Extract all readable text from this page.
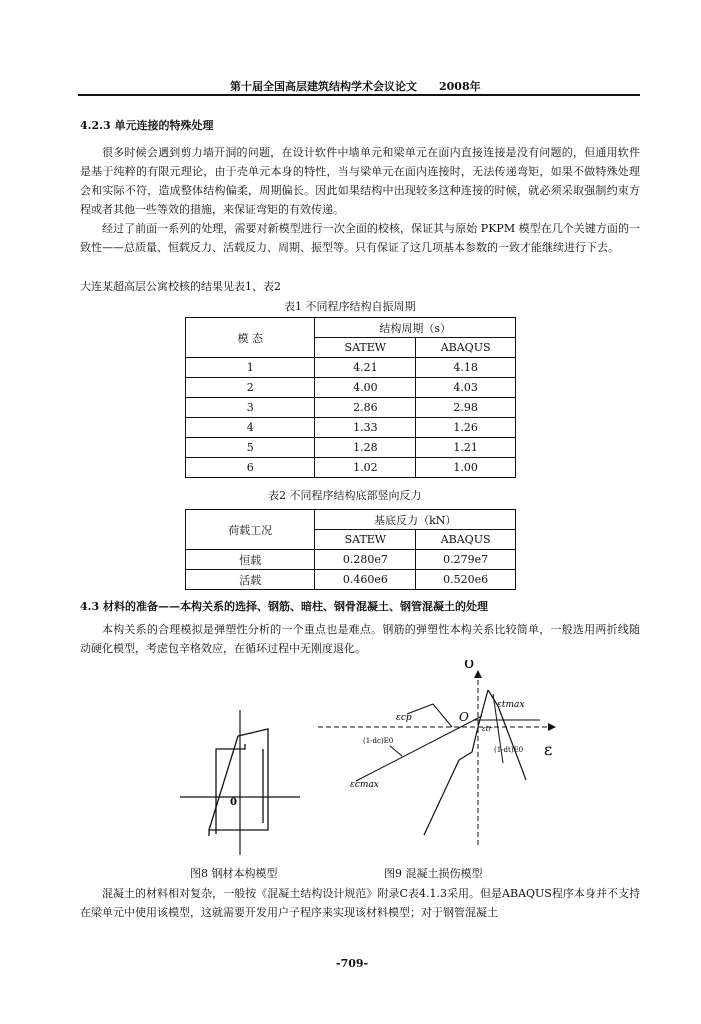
第十届全国高层建筑结构学术会议论文 2008年
4.2.3 单元连接的特殊处理
很多时候会遇到剪力墙开洞的问题，在设计软件中墙单元和梁单元在面内直接连接是没有问题的，但通用软件是基于纯粹的有限元理论，由于壳单元本身的特性，当与梁单元在面内连接时，无法传递弯矩，如果不做特殊处理会和实际不符，造成整体结构偏柔，周期偏长。因此如果结构中出现较多这种连接的时候，就必须采取强制约束方程或者其他一些等效的措施，来保证弯矩的有效传递。
经过了前面一系列的处理，需要对新模型进行一次全面的校核，保证其与原始 PKPM 模型在几个关键方面的一致性——总质量、恒载反力、活载反力、周期、振型等。只有保证了这几项基本参数的一致才能继续进行下去。
大连某超高层公寓校核的结果见表1、表2
表1 不同程序结构自振周期
模 态	结构周期（s）	
	SATEW	ABAQUS
1	4.21	4.18
2	4.00	4.03
3	2.86	2.98
4	1.33	1.26
5	1.28	1.21
6	1.02	1.00
表2 不同程序结构底部竖向反力
荷载工况	基底反力（kN）	
	SATEW	ABAQUS
恒载	0.280e7	0.279e7
活载	0.460e6	0.520e6
4.3 材料的准备——本构关系的选择、钢筋、暗柱、钢骨混凝土、钢管混凝土的处理
本构关系的合理模拟是弹塑性分析的一个重点也是难点。钢筋的弹塑性本构关系比较简单，一般选用两折线随动硬化模型，考虑包辛格效应，在循环过程中无刚度退化。
0
σ
ε
O
εtmax
εcp
εtr
εcmax
(1-dc)E0
(1-dt)E0
图8 钢材本构模型	图9 混凝土损伤模型
混凝土的材料相对复杂，一般按《混凝土结构设计规范》附录C表4.1.3采用。但是ABAQUS程序本身并不支持在梁单元中使用该模型，这就需要开发用户子程序来实现该材料模型；对于钢管混凝土
-709-
